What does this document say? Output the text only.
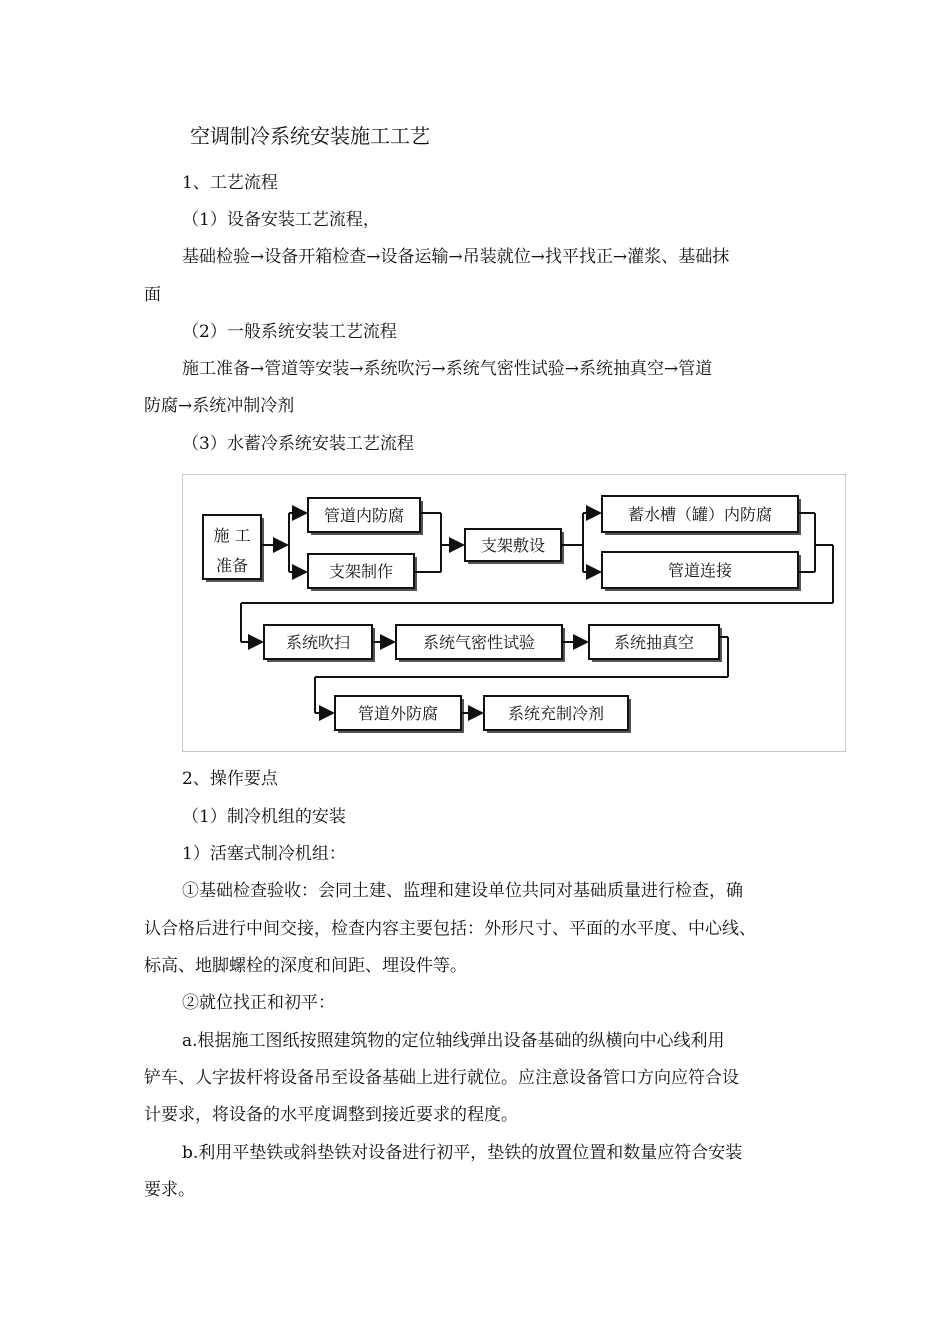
空调制冷系统安装施工工艺
1、工艺流程
（1）设备安装工艺流程，
基础检验→设备开箱检查→设备运输→吊装就位→找平找正→灌浆、基础抹
面
（2）一般系统安装工艺流程
施工准备→管道等安装→系统吹污→系统气密性试验→系统抽真空→管道
防腐→系统冲制冷剂
（3）水蓄冷系统安装工艺流程
施 工
准备
管道内防腐
支架制作
支架敷设
蓄水槽（罐）内防腐
管道连接
系统吹扫	系统气密性试验	系统抽真空
管道外防腐	系统充制冷剂
2、操作要点
（1）制冷机组的安装
1）活塞式制冷机组：
①基础检查验收：会同土建、监理和建设单位共同对基础质量进行检查，确
认合格后进行中间交接，检查内容主要包括：外形尺寸、平面的水平度、中心线、
标高、地脚螺栓的深度和间距、埋设件等。
②就位找正和初平：
a.根据施工图纸按照建筑物的定位轴线弹出设备基础的纵横向中心线利用
铲车、人字拔杆将设备吊至设备基础上进行就位。应注意设备管口方向应符合设
计要求，将设备的水平度调整到接近要求的程度。
b.利用平垫铁或斜垫铁对设备进行初平，垫铁的放置位置和数量应符合安装
要求。
